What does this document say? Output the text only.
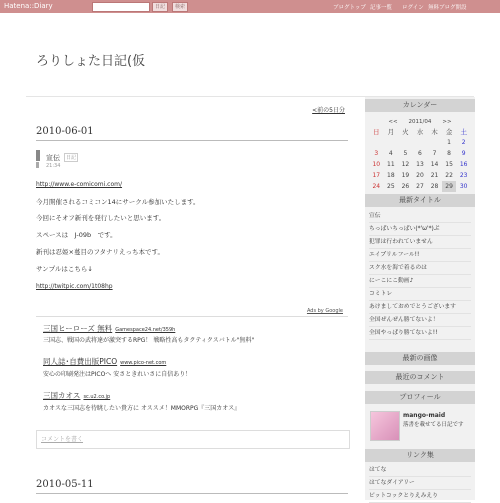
Hatena::Diary	日記	検索	ブログトップ 記事一覧 ログイン 無料ブログ開設
ろりしょた日記(仮
<前の5日分
2010-06-01
宣伝	日記
21:34
http://www.e-comicomi.com/
今月開催されるコミコン14にサークル参加いたします。
今回にそオフ新刊を発行したいと思います。
スペースは　J-09b　です。
新刊は忍姫×蔓目のフタナリえっち本です。
サンプルはこちら↓
http://twitpic.com/1t08hp
Ads by Google
三国ヒーローズ 無料 Gamespace24.net/359h
三国志、戦国の武将達が激突するRPG！ 戦略性高もタクティクスバトル"無料"
同人誌･自費出版PICO www.pico-net.com
安心の印刷発注はPICOへ 安さときれいさに自信あり！
三国カオス sc.u2.co.jp
カオスな三国志を待眺したい貴方に オススメ！MMORPG『三国カオス』
コメントを書く
2010-05-11
カレンダー
<<　　2011/04　　>>
日	月	火	水	木	金	土
					1	2
3	4	5	6	7	8	9
10	11	12	13	14	15	16
17	18	19	20	21	22	23
24	25	26	27	28	29	30
最新タイトル
宣伝
ちっぱいちっぱい(*'ω'*)ぷ
犯罪は行われていません
エイプリルフール!!
スク水を海で着るのは
にーこにこ動画♪
コミトレ
あけましておめでとうございます
全国ぜんぜん勝てないよ！
全国やっぱり勝てないよ!!
最新の画像
最近のコメント
プロフィール
mango-maid
落書を載せてる日記です
リンク集
はてな
はてなダイアリー
ピットコックとりえみえり
